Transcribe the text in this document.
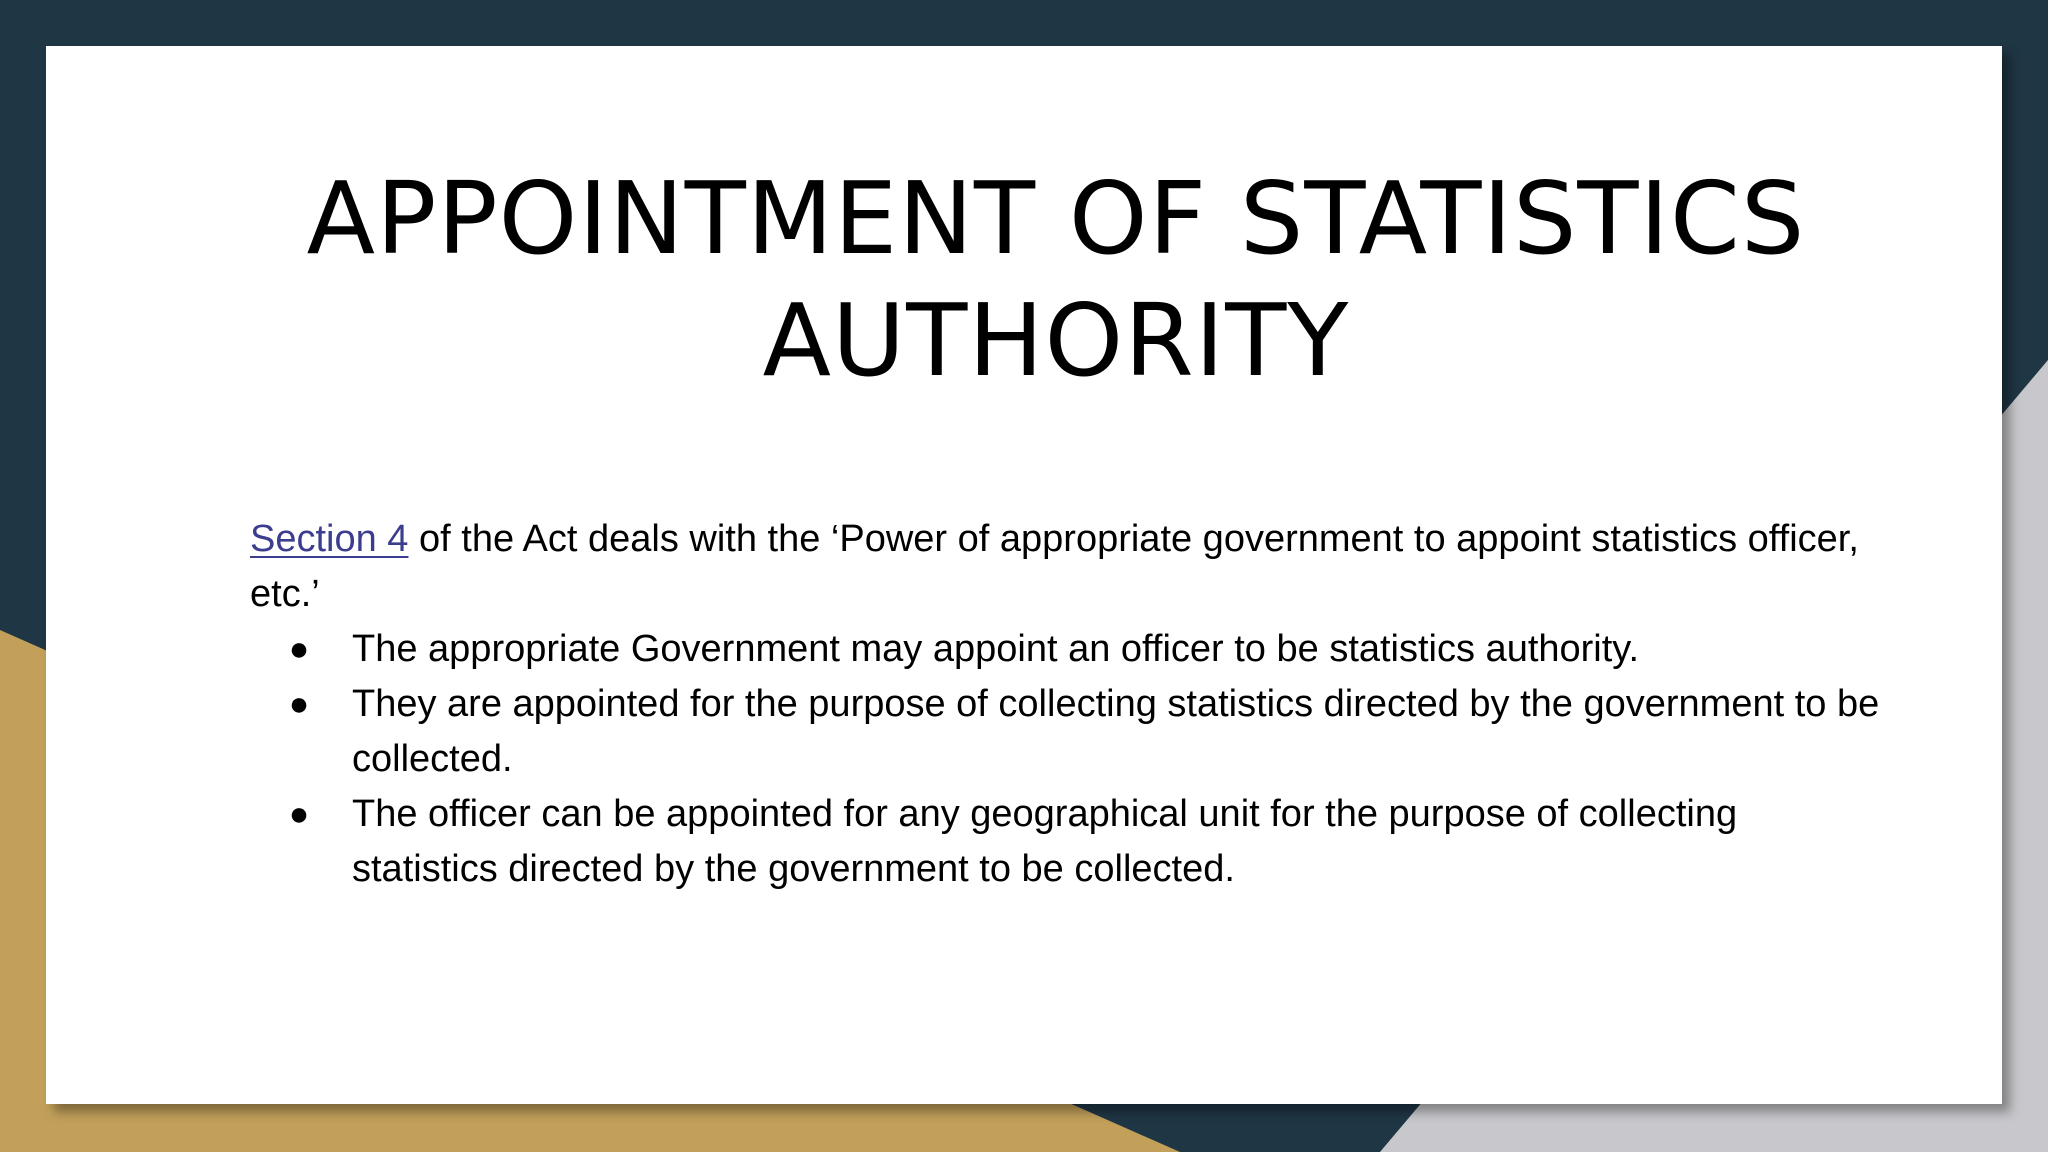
APPOINTMENT OF STATISTICS AUTHORITY

Section 4 of the Act deals with the ‘Power of appropriate government to appoint statistics officer, etc.’

● The appropriate Government may appoint an officer to be statistics authority.
● They are appointed for the purpose of collecting statistics directed by the government to be collected.
● The officer can be appointed for any geographical unit for the purpose of collecting statistics directed by the government to be collected.
